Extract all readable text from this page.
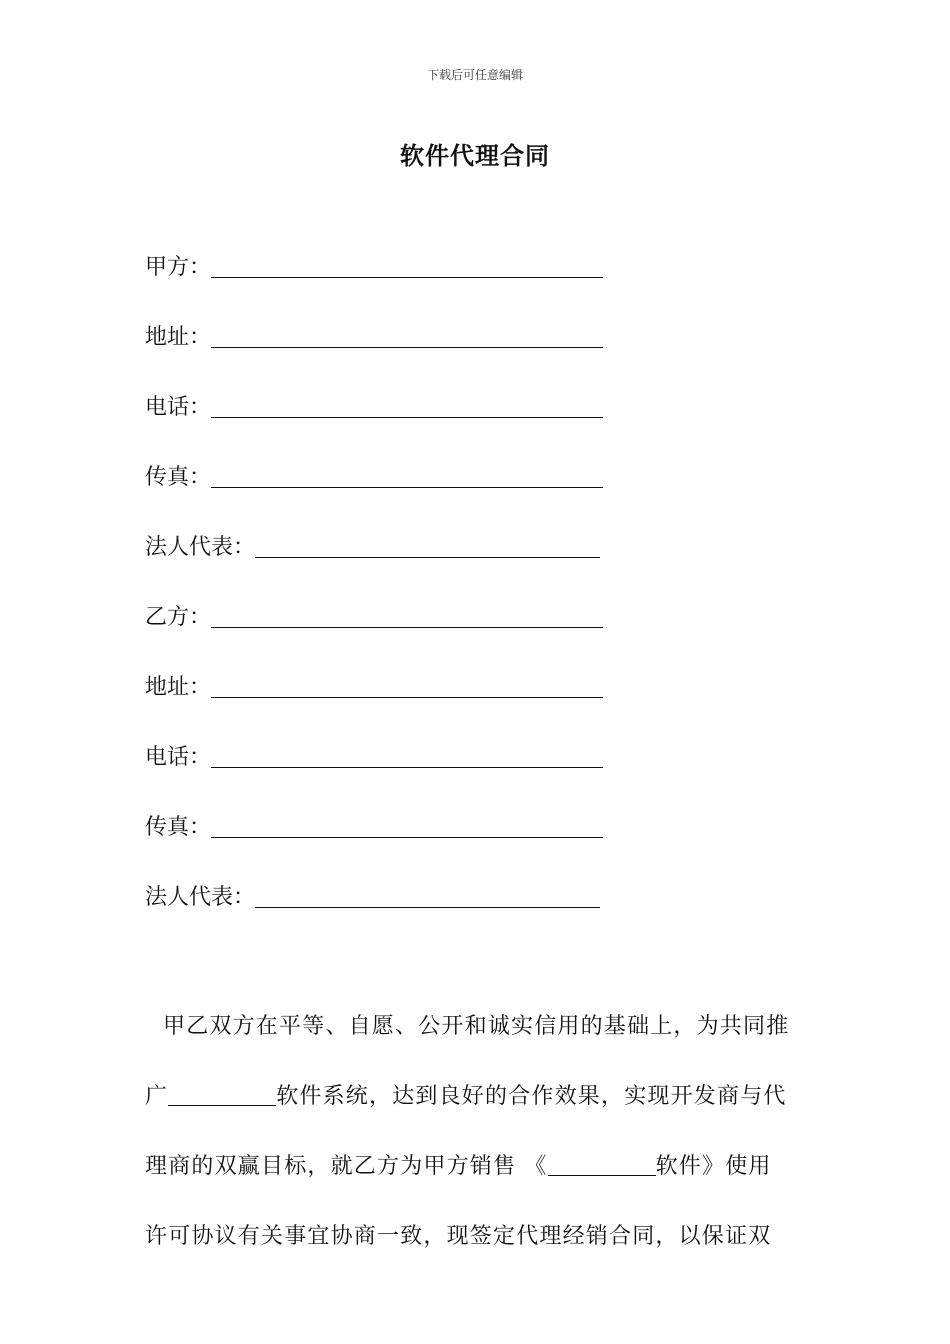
下载后可任意编辑
软件代理合同
甲方：
地址：
电话：
传真：
法人代表：
乙方：
地址：
电话：
传真：
法人代表：
甲乙双方在平等、自愿、公开和诚实信用的基础上，为共同推
广	软件系统，达到良好的合作效果，实现开发商与代
理商的双赢目标，就乙方为甲方销售 《	软件》使用
许可协议有关事宜协商一致，现签定代理经销合同，以保证双
